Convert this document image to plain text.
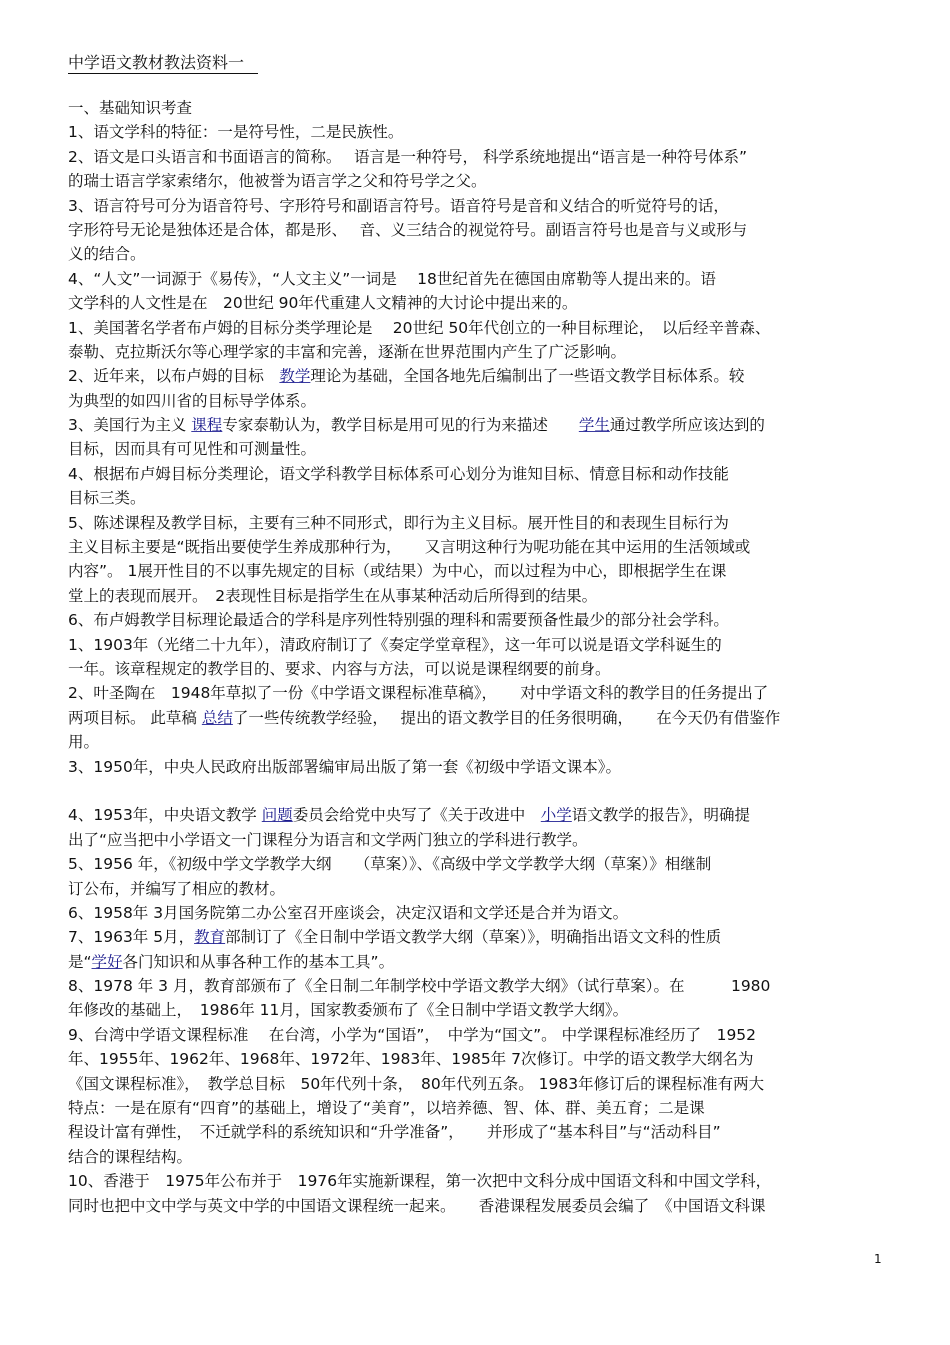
中学语文教材教法资料一
一、基础知识考查
1、语文学科的特征：一是符号性，二是民族性。
2、语文是口头语言和书面语言的简称。　 语言是一种符号， 科学系统地提出“语言是一种符号体系”
的瑞士语言学家索绪尔，他被誉为语言学之父和符号学之父。
3、语言符号可分为语音符号、字形符号和副语言符号。语音符号是音和义结合的听觉符号的话，
字形符号无论是独体还是合体，都是形、　 音、义三结合的视觉符号。副语言符号也是音与义或形与
义的结合。
4、“人文”一词源于《易传》，“人文主义”一词是　 18世纪首先在德国由席勒等人提出来的。语
文学科的人文性是在　20世纪 90年代重建人文精神的大讨论中提出来的。
1、美国著名学者布卢姆的目标分类学理论是　 20世纪 50年代创立的一种目标理论，　以后经辛普森、
泰勒、克拉斯沃尔等心理学家的丰富和完善，逐渐在世界范围内产生了广泛影响。
2、近年来，以布卢姆的目标　教学理论为基础，全国各地先后编制出了一些语文教学目标体系。较
为典型的如四川省的目标导学体系。
3、美国行为主义 课程专家泰勒认为，教学目标是用可见的行为来描述　　学生通过教学所应该达到的
目标，因而具有可见性和可测量性。
4、根据布卢姆目标分类理论，语文学科教学目标体系可心划分为谁知目标、情意目标和动作技能
目标三类。
5、陈述课程及教学目标，主要有三种不同形式，即行为主义目标。展开性目的和表现生目标行为
主义目标主要是“既指出要使学生养成那种行为，　　又言明这种行为呢功能在其中运用的生活领域或
内容”。 1展开性目的不以事先规定的目标（或结果）为中心，而以过程为中心，即根据学生在课
堂上的表现而展开。　2表现性目标是指学生在从事某种活动后所得到的结果。
6、布卢姆教学目标理论最适合的学科是序列性特别强的理科和需要预备性最少的部分社会学科。
1、1903年（光绪二十九年），清政府制订了《奏定学堂章程》，这一年可以说是语文学科诞生的
一年。该章程规定的教学目的、要求、内容与方法，可以说是课程纲要的前身。
2、叶圣陶在　1948年草拟了一份《中学语文课程标准草稿》，　　对中学语文科的教学目的任务提出了
两项目标。 此草稿 总结了一些传统教学经验，　 提出的语文教学目的任务很明确，　　在今天仍有借鉴作
用。
3、1950年，中央人民政府出版部署编审局出版了第一套《初级中学语文课本》。
4、1953年，中央语文教学 问题委员会给党中央写了《关于改进中　小学语文教学的报告》，明确提
出了“应当把中小学语文一门课程分为语言和文学两门独立的学科进行教学。
5、1956 年，《初级中学文学教学大纲　　（草案）》、《高级中学文学教学大纲（草案）》相继制
订公布，并编写了相应的教材。
6、1958年 3月国务院第二办公室召开座谈会，决定汉语和文学还是合并为语文。
7、1963年 5月，教育部制订了《全日制中学语文教学大纲（草案）》，明确指出语文文科的性质
是“学好各门知识和从事各种工作的基本工具”。
8、1978 年 3 月，教育部颁布了《全日制二年制学校中学语文教学大纲》（试行草案）。在　　　1980
年修改的基础上，　1986年 11月，国家教委颁布了《全日制中学语文教学大纲》。
9、台湾中学语文课程标准　 在台湾，小学为“国语”，　中学为“国文”。 中学课程标准经历了　1952
年、1955年、1962年、1968年、1972年、1983年、1985年 7次修订。中学的语文教学大纲名为
《国文课程标准》，　教学总目标　50年代列十条，　80年代列五条。 1983年修订后的课程标准有两大
特点：一是在原有“四育”的基础上，增设了“美育”，以培养德、智、体、群、美五育；二是课
程设计富有弹性，　不迁就学科的系统知识和“升学准备”，　　并形成了“基本科目”与“活动科目”
结合的课程结构。
10、香港于　1975年公布并于　1976年实施新课程，第一次把中文科分成中国语文科和中国文学科，
同时也把中文中学与英文中学的中国语文课程统一起来。　　香港课程发展委员会编了　《中国语文科课
1
